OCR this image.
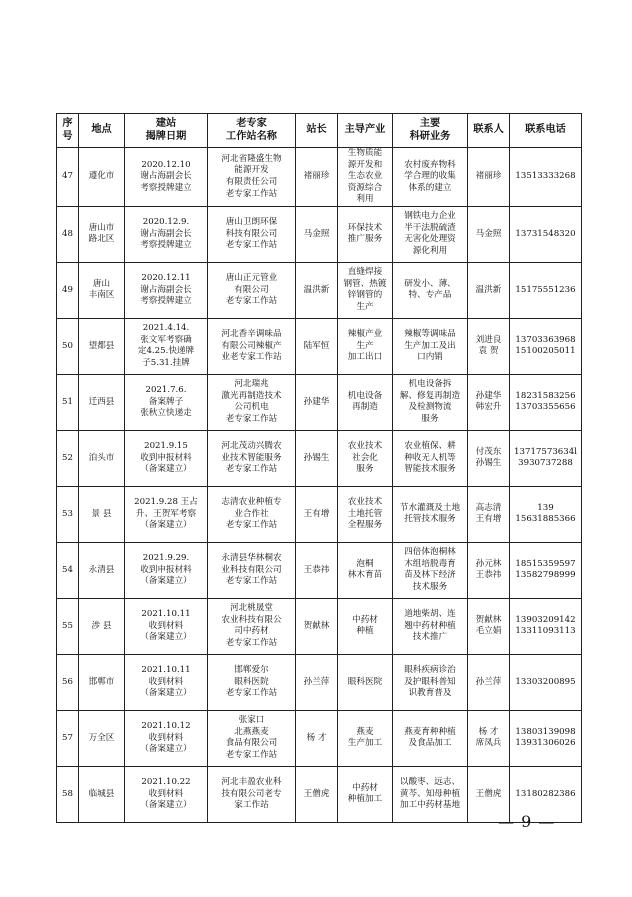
序
号	地点	建站
揭牌日期	老专家
工作站名称	站长	主导产业	主要
科研业务	联系人	联系电话
47	遵化市	2020.12.10
谢占海副会长
考察授牌建立	河北省隆盛生物
能源开发
有限责任公司
老专家工作站	褚丽珍	生物质能
源开发和
生态农业
资源综合
利用	农村废弃物科
学合理的收集
体系的建立	褚丽珍	13513333268
48	唐山市
路北区	2020.12.9.
谢占海副会长
考察授牌建立	唐山卫朗环保
科技有限公司
老专家工作站	马金照	环保技术
推广服务	钢铁电力企业
半干法脱硫渣
无害化处理资
源化利用	马金照	13731548320
49	唐山
丰南区	2020.12.11
谢占海副会长
考察授牌建立	唐山正元管业
有限公司
老专家工作站	温洪新	直缝焊接
钢管、热镀
锌钢管的
生产	研发小、薄、
特、专产品	温洪新	15175551236
50	望都县	2021.4.14.
张文军考察确
定4.25.快递牌
子5.31.挂牌	河北香辛调味品
有限公司辣椒产
业老专家工作站	陆军恒	辣椒产业
生产
加工出口	辣椒等调味品
生产加工及出
口内销	刘进良
袁 贺	13703363968
15100205011
51	迁西县	2021.7.6.
备案牌子
张秋立快递走	河北瑞兆
激光再制造技术
公司机电
老专家工作站	孙建华	机电设备
再制造	机电设备拆
解、修复再制造
及检测物流
服务	孙建华
韩宏升	18231583256
13703355656
52	泊头市	2021.9.15
收到申报材料
（备案建立）	河北茂动兴腾农
业技术智能服务
老专家工作站	孙锡生	农业技术
社会化
服务	农业植保、耕
种收无人机等
智能技术服务	付茂东
孙锡生	13717573634l
3930737288
53	景 县	2021.9.28 王占
升、王贺军考察
（备案建立）	志清农业种植专
业合作社
老专家工作站	王有增	农业技术
土地托管
全程服务	节水灌溉及土地
托管技术服务	高志清
王有增	139
15631885366
54	永清县	2021.9.29.
收到申报材料
（备案建立）	永清县华林桐农
业科技有限公司
老专家工作站	王恭祎	泡桐
林木育苗	四倍体泡桐林
木组培脱毒育
苗及林下经济
技术服务	孙元林
王恭祎	18515359597
13582798999
55	涉 县	2021.10.11
收到材料
（备案建立）	河北桃晟堂
农业科技有限公
司中药材
老专家工作站	贺献林	中药材
种植	道地柴胡、连
翘中药材种植
技术推广	贺献林
毛立娟	13903209142
13311093113
56	邯郸市	2021.10.11
收到材料
（备案建立）	邯郸爱尔
眼科医院
老专家工作站	孙兰萍	眼科医院	眼科疾病诊治
及护眼科普知
识教育普及	孙兰萍	13303200895
57	万全区	2021.10.12
收到材料
（备案建立）	张家口
北燕燕麦
食品有限公司
老专家工作站	杨 才	燕麦
生产加工	燕麦育种种植
及食品加工	杨 才
席凤兵	13803139098
13931306026
58	临城县	2021.10.22
收到材料
（备案建立）	河北丰盈农业科
技有限公司老专
家工作站	王僧虎	中药材
种植加工	以酸枣、远志、
黄芩、知母种植
加工中药材基地	王僧虎	13180282386
— 9 —
